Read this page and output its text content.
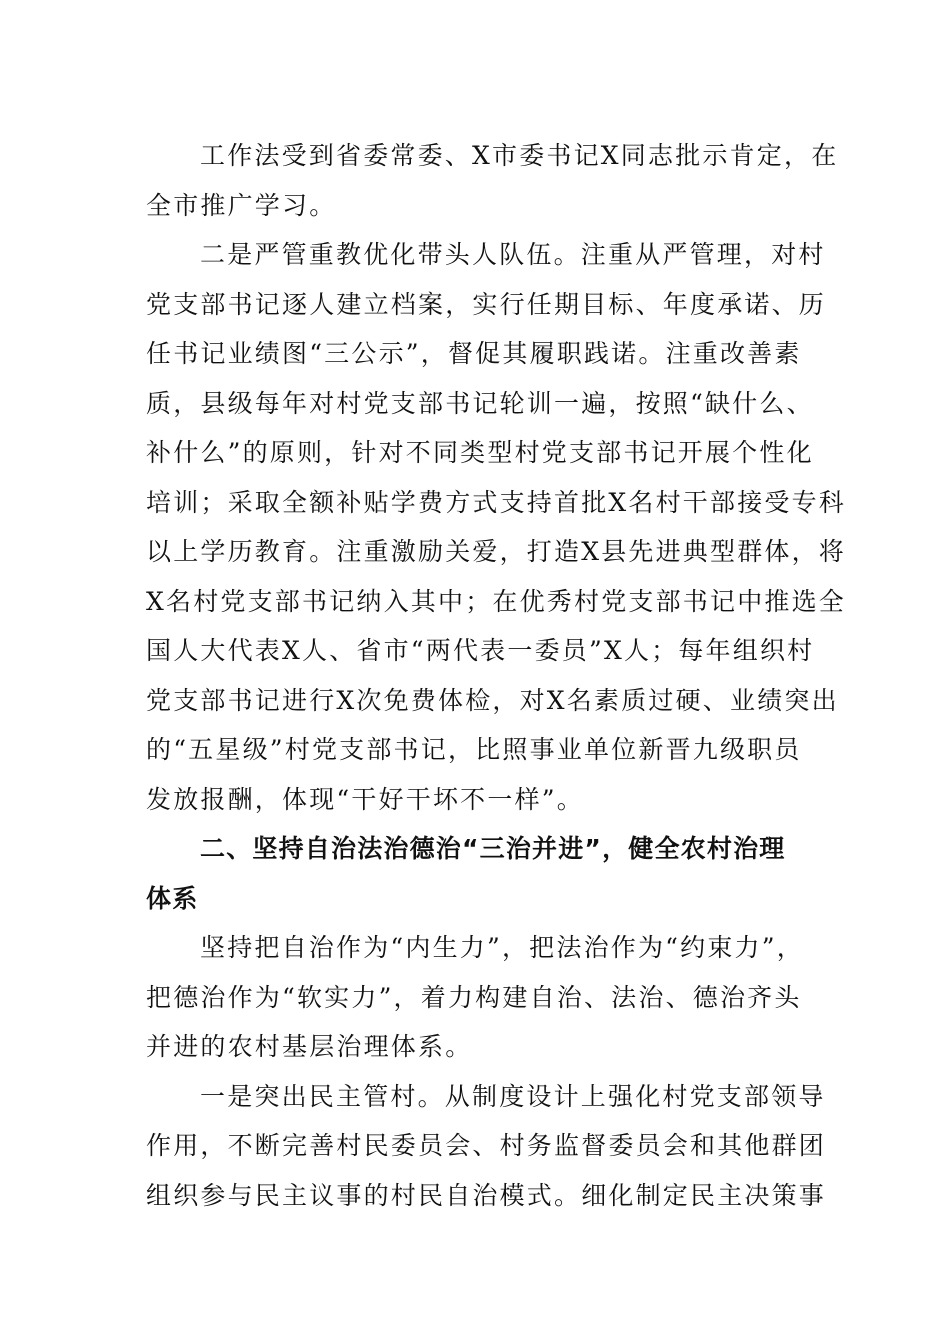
工作法受到省委常委、X市委书记X同志批示肯定，在
全市推广学习。
二是严管重教优化带头人队伍。注重从严管理，对村
党支部书记逐人建立档案，实行任期目标、年度承诺、历
任书记业绩图“三公示”，督促其履职践诺。注重改善素
质，县级每年对村党支部书记轮训一遍，按照“缺什么、
补什么”的原则，针对不同类型村党支部书记开展个性化
培训；采取全额补贴学费方式支持首批X名村干部接受专科
以上学历教育。注重激励关爱，打造X县先进典型群体，将
X名村党支部书记纳入其中；在优秀村党支部书记中推选全
国人大代表X人、省市“两代表一委员”X人；每年组织村
党支部书记进行X次免费体检，对X名素质过硬、业绩突出
的“五星级”村党支部书记，比照事业单位新晋九级职员
发放报酬，体现“干好干坏不一样”。
二、坚持自治法治德治“三治并进”，健全农村治理
体系
坚持把自治作为“内生力”，把法治作为“约束力”，
把德治作为“软实力”，着力构建自治、法治、德治齐头
并进的农村基层治理体系。
一是突出民主管村。从制度设计上强化村党支部领导
作用，不断完善村民委员会、村务监督委员会和其他群团
组织参与民主议事的村民自治模式。细化制定民主决策事
